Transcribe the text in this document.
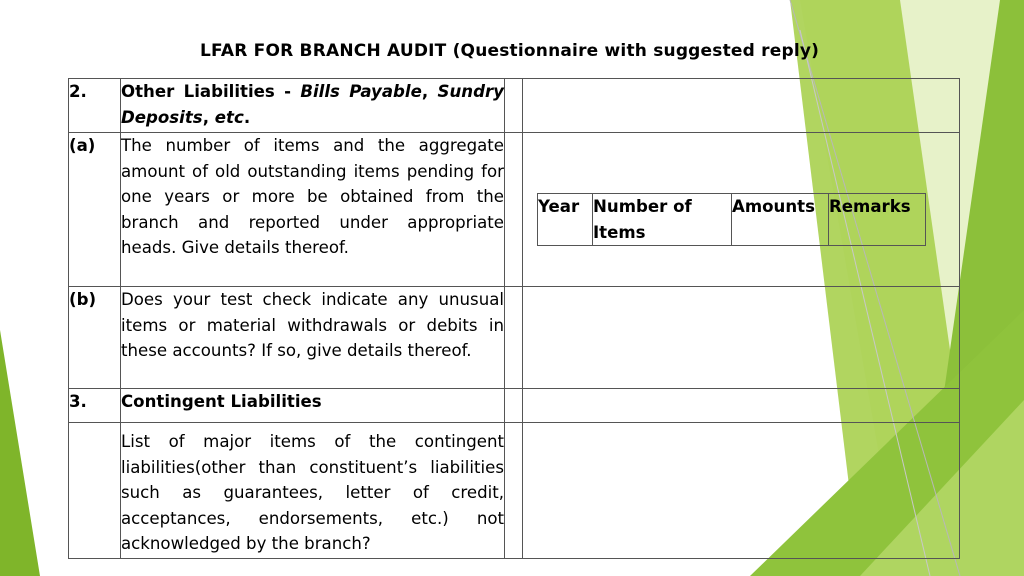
LFAR FOR BRANCH AUDIT (Questionnaire with suggested reply)
2.	Other Liabilities - Bills Payable, Sundry Deposits, etc.		
(a)	The number of items and the aggregate amount of old outstanding items pending for one years or more be obtained from the branch and reported under appropriate heads. Give details thereof.		
Year	Number of Items	Amounts	Remarks

(b)	Does your test check indicate any unusual items or material withdrawals or debits in these accounts? If so, give details thereof.		
3.	Contingent Liabilities		
	List of major items of the contingent liabilities(other than constituent’s liabilities such as guarantees, letter of credit, acceptances, endorsements, etc.) not acknowledged by the branch?		
